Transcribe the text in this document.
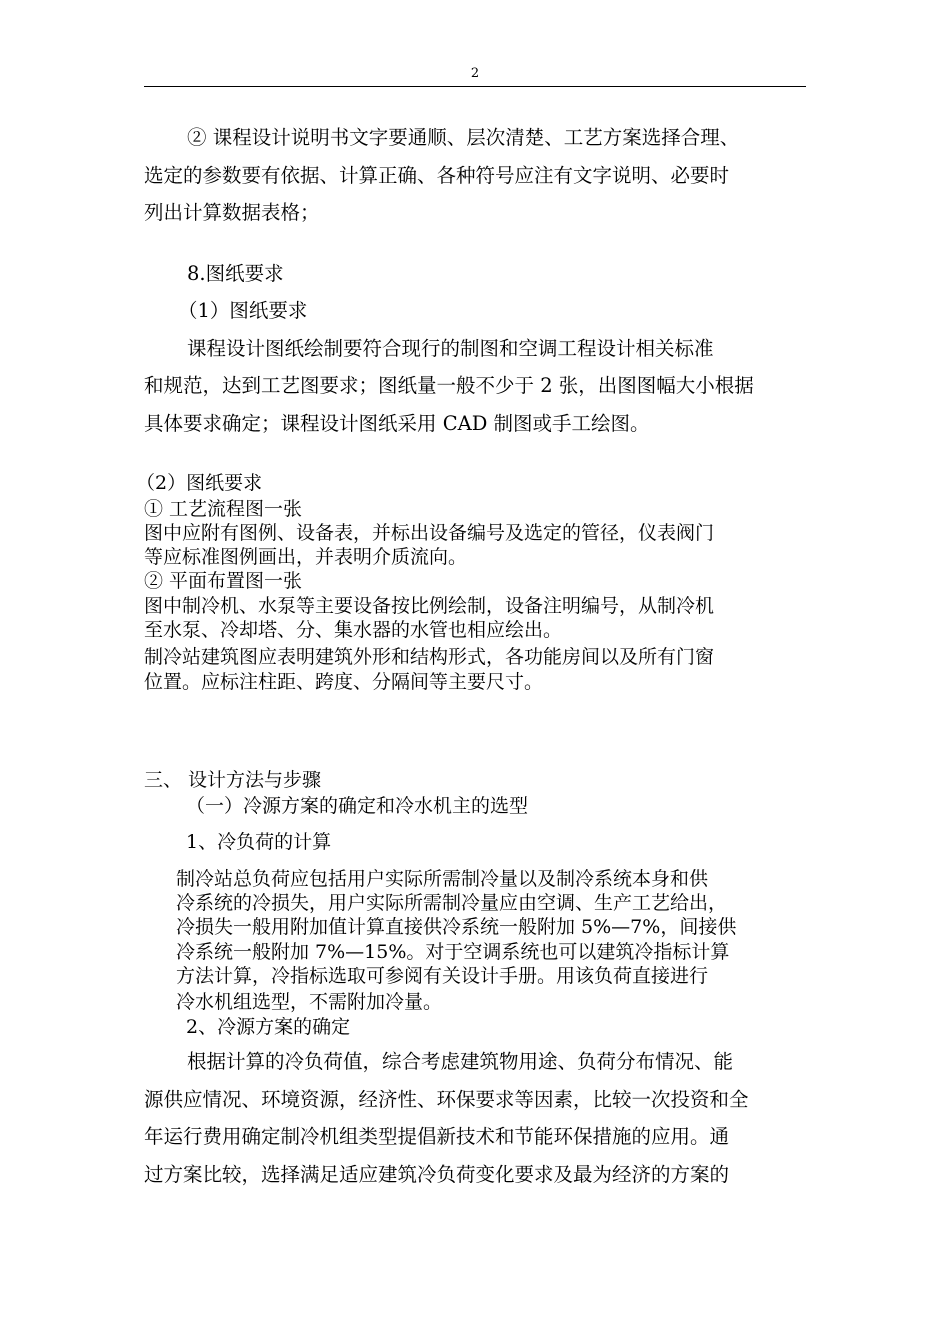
2
② 课程设计说明书文字要通顺、层次清楚、工艺方案选择合理、
选定的参数要有依据、计算正确、各种符号应注有文字说明、必要时
列出计算数据表格；
8.图纸要求
（1）图纸要求
课程设计图纸绘制要符合现行的制图和空调工程设计相关标准
和规范，达到工艺图要求；图纸量一般不少于 2 张，出图图幅大小根据
具体要求确定；课程设计图纸采用 CAD 制图或手工绘图。
（2）图纸要求
① 工艺流程图一张
图中应附有图例、设备表，并标出设备编号及选定的管径，仪表阀门
等应标准图例画出，并表明介质流向。
② 平面布置图一张
图中制冷机、水泵等主要设备按比例绘制，设备注明编号，从制冷机
至水泵、冷却塔、分、集水器的水管也相应绘出。
制冷站建筑图应表明建筑外形和结构形式，各功能房间以及所有门窗
位置。应标注柱距、跨度、分隔间等主要尺寸。
三、 设计方法与步骤
（一）冷源方案的确定和冷水机主的选型
1、冷负荷的计算
制冷站总负荷应包括用户实际所需制冷量以及制冷系统本身和供
冷系统的冷损失，用户实际所需制冷量应由空调、生产工艺给出，
冷损失一般用附加值计算直接供冷系统一般附加 5%—7%，间接供
冷系统一般附加 7%—15%。对于空调系统也可以建筑冷指标计算
方法计算，冷指标选取可参阅有关设计手册。用该负荷直接进行
冷水机组选型，不需附加冷量。
2、冷源方案的确定
根据计算的冷负荷值，综合考虑建筑物用途、负荷分布情况、能
源供应情况、环境资源，经济性、环保要求等因素，比较一次投资和全
年运行费用确定制冷机组类型提倡新技术和节能环保措施的应用。通
过方案比较，选择满足适应建筑冷负荷变化要求及最为经济的方案的
